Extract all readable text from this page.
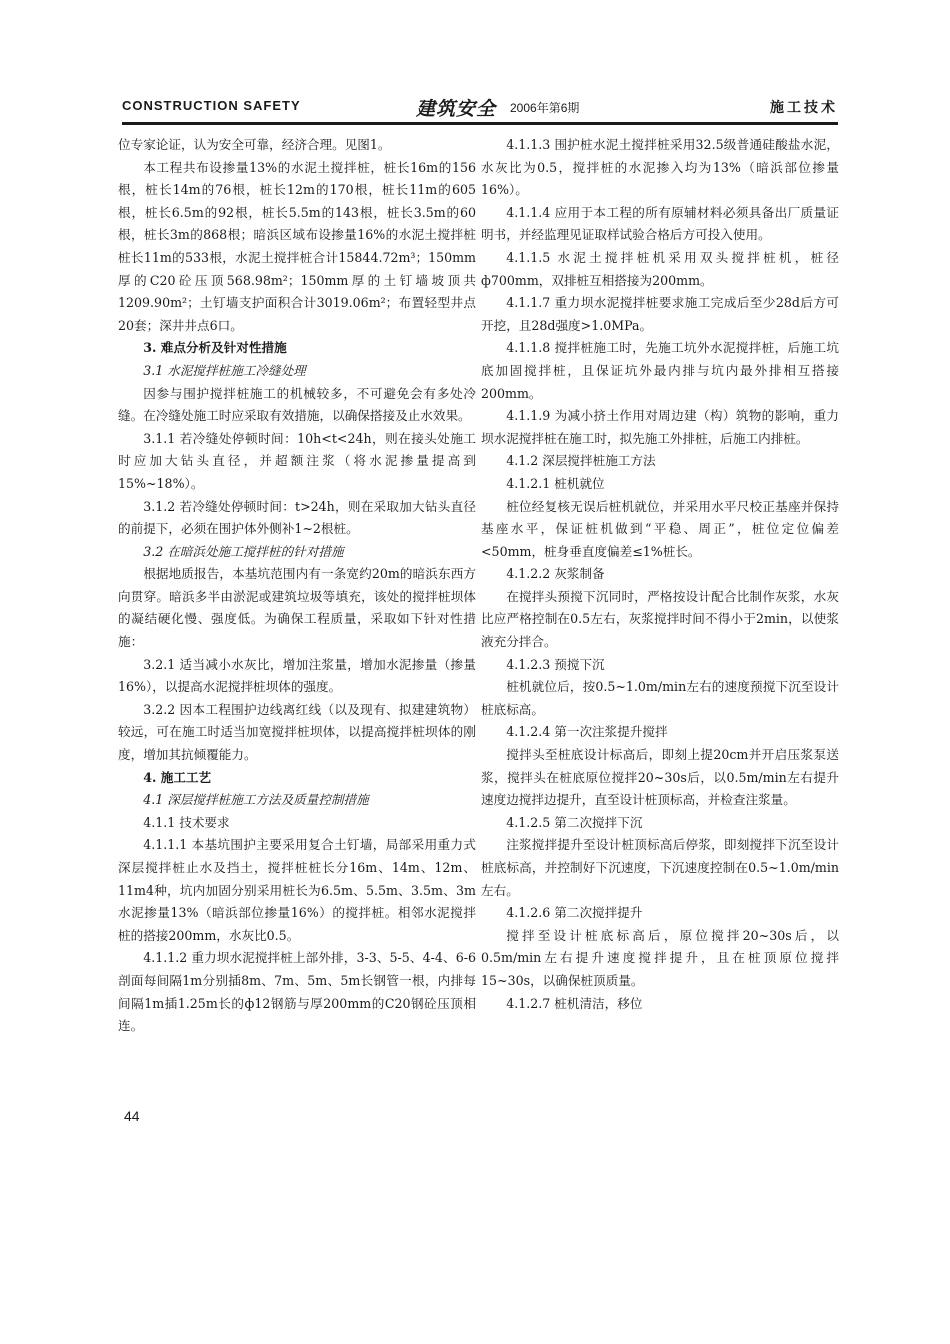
CONSTRUCTION SAFETY	建筑安全 2006年第6期	施工技术

位专家论证，认为安全可靠，经济合理。见图1。

本工程共布设掺量13%的水泥土搅拌桩，桩长16m的156根，桩长14m的76根，桩长12m的170根，桩长11m的605根，桩长6.5m的92根，桩长5.5m的143根，桩长3.5m的60根，桩长3m的868根；暗浜区域布设掺量16%的水泥土搅拌桩桩长11m的533根，水泥土搅拌桩合计15844.72m³；150mm厚的C20砼压顶568.98m²；150mm厚的土钉墙坡顶共1209.90m²；土钉墙支护面积合计3019.06m²；布置轻型井点20套；深井井点6口。

3. 难点分析及针对性措施

3.1 水泥搅拌桩施工冷缝处理

因参与围护搅拌桩施工的机械较多，不可避免会有多处冷缝。在冷缝处施工时应采取有效措施，以确保搭接及止水效果。

3.1.1 若冷缝处停顿时间：10h<t<24h，则在接头处施工时应加大钻头直径，并超额注浆（将水泥掺量提高到15%~18%）。

3.1.2 若冷缝处停顿时间：t>24h，则在采取加大钻头直径的前提下，必须在围护体外侧补1~2根桩。

3.2 在暗浜处施工搅拌桩的针对措施

根据地质报告，本基坑范围内有一条宽约20m的暗浜东西方向贯穿。暗浜多半由淤泥或建筑垃圾等填充，该处的搅拌桩坝体的凝结硬化慢、强度低。为确保工程质量，采取如下针对性措施：

3.2.1 适当减小水灰比，增加注浆量，增加水泥掺量（掺量16%），以提高水泥搅拌桩坝体的强度。

3.2.2 因本工程围护边线离红线（以及现有、拟建建筑物）较远，可在施工时适当加宽搅拌桩坝体，以提高搅拌桩坝体的刚度，增加其抗倾覆能力。

4. 施工工艺

4.1 深层搅拌桩施工方法及质量控制措施

4.1.1 技术要求

4.1.1.1 本基坑围护主要采用复合土钉墙，局部采用重力式深层搅拌桩止水及挡土，搅拌桩桩长分16m、14m、12m、11m4种，坑内加固分别采用桩长为6.5m、5.5m、3.5m、3m水泥掺量13%（暗浜部位掺量16%）的搅拌桩。相邻水泥搅拌桩的搭接200mm，水灰比0.5。

4.1.1.2 重力坝水泥搅拌桩上部外排，3-3、5-5、4-4、6-6剖面每间隔1m分别插8m、7m、5m、5m长钢管一根，内排每间隔1m插1.25m长的ф12钢筋与厚200mm的C20钢砼压顶相连。

4.1.1.3 围护桩水泥土搅拌桩采用32.5级普通硅酸盐水泥，水灰比为0.5，搅拌桩的水泥掺入均为13%（暗浜部位掺量16%）。

4.1.1.4 应用于本工程的所有原辅材料必须具备出厂质量证明书，并经监理见证取样试验合格后方可投入使用。

4.1.1.5 水泥土搅拌桩机采用双头搅拌桩机，桩径ф700mm，双排桩互相搭接为200mm。

4.1.1.7 重力坝水泥搅拌桩要求施工完成后至少28d后方可开挖，且28d强度>1.0MPa。

4.1.1.8 搅拌桩施工时，先施工坑外水泥搅拌桩，后施工坑底加固搅拌桩，且保证坑外最内排与坑内最外排相互搭接200mm。

4.1.1.9 为减小挤土作用对周边建（构）筑物的影响，重力坝水泥搅拌桩在施工时，拟先施工外排桩，后施工内排桩。

4.1.2 深层搅拌桩施工方法

4.1.2.1 桩机就位

桩位经复核无误后桩机就位，并采用水平尺校正基座并保持基座水平，保证桩机做到“平稳、周正”，桩位定位偏差<50mm，桩身垂直度偏差≤1%桩长。

4.1.2.2 灰浆制备

在搅拌头预搅下沉同时，严格按设计配合比制作灰浆，水灰比应严格控制在0.5左右，灰浆搅拌时间不得小于2min，以使浆液充分拌合。

4.1.2.3 预搅下沉

桩机就位后，按0.5~1.0m/min左右的速度预搅下沉至设计桩底标高。

4.1.2.4 第一次注浆提升搅拌

搅拌头至桩底设计标高后，即刻上提20cm并开启压浆泵送浆，搅拌头在桩底原位搅拌20~30s后，以0.5m/min左右提升速度边搅拌边提升，直至设计桩顶标高，并检查注浆量。

4.1.2.5 第二次搅拌下沉

注浆搅拌提升至设计桩顶标高后停浆，即刻搅拌下沉至设计桩底标高，并控制好下沉速度，下沉速度控制在0.5~1.0m/min左右。

4.1.2.6 第二次搅拌提升

搅拌至设计桩底标高后，原位搅拌20~30s后，以0.5m/min左右提升速度搅拌提升，且在桩顶原位搅拌15~30s，以确保桩顶质量。

4.1.2.7 桩机清洁，移位

44
